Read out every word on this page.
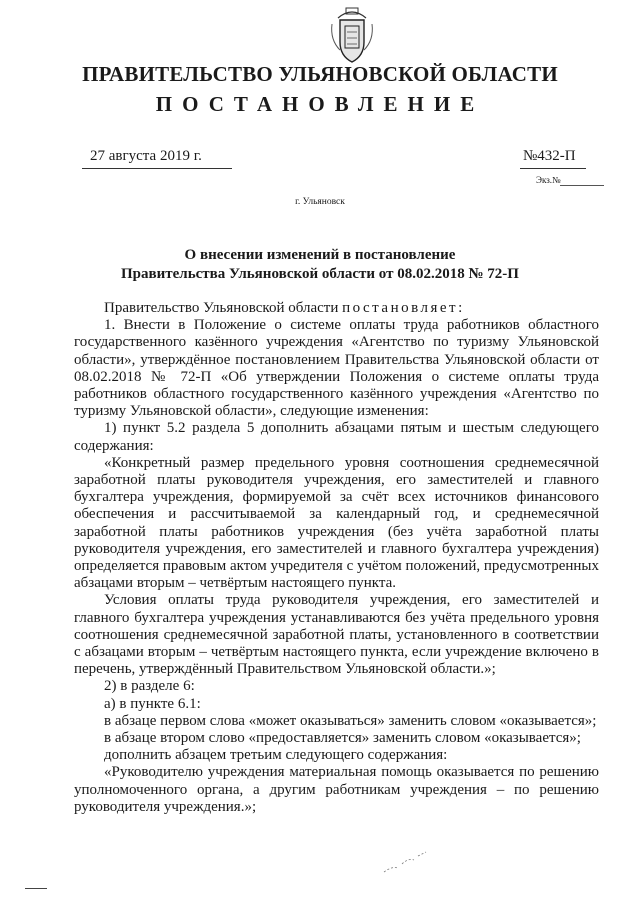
ПРАВИТЕЛЬСТВО УЛЬЯНОВСКОЙ ОБЛАСТИ
ПОСТАНОВЛЕНИЕ
27 августа 2019 г.	№432-П
Экз.№
г. Ульяновск
О внесении изменений в постановление
Правительства Ульяновской области от 08.02.2018 № 72-П

Правительство Ульяновской области постановляет:

1. Внести в Положение о системе оплаты труда работников областного государственного казённого учреждения «Агентство по туризму Ульяновской области», утверждённое постановлением Правительства Ульяновской области от 08.02.2018 № 72-П «Об утверждении Положения о системе оплаты труда работников областного государственного казённого учреждения «Агентство по туризму Ульяновской области», следующие изменения:

1) пункт 5.2 раздела 5 дополнить абзацами пятым и шестым следующего содержания:

«Конкретный размер предельного уровня соотношения среднемесячной заработной платы руководителя учреждения, его заместителей и главного бухгалтера учреждения, формируемой за счёт всех источников финансового обеспечения и рассчитываемой за календарный год, и среднемесячной заработной платы работников учреждения (без учёта заработной платы руководителя учреждения, его заместителей и главного бухгалтера учреждения) определяется правовым актом учредителя с учётом положений, предусмотренных абзацами вторым – четвёртым настоящего пункта.

Условия оплаты труда руководителя учреждения, его заместителей и главного бухгалтера учреждения устанавливаются без учёта предельного уровня соотношения среднемесячной заработной платы, установленного в соответствии с абзацами вторым – четвёртым настоящего пункта, если учреждение включено в перечень, утверждённый Правительством Ульяновской области.»;

2) в разделе 6:

а) в пункте 6.1:

в абзаце первом слова «может оказываться» заменить словом «оказывается»;

в абзаце втором слово «предоставляется» заменить словом «оказывается»;

дополнить абзацем третьим следующего содержания:

«Руководителю учреждения материальная помощь оказывается по решению уполномоченного органа, а другим работникам учреждения – по решению руководителя учреждения.»;
